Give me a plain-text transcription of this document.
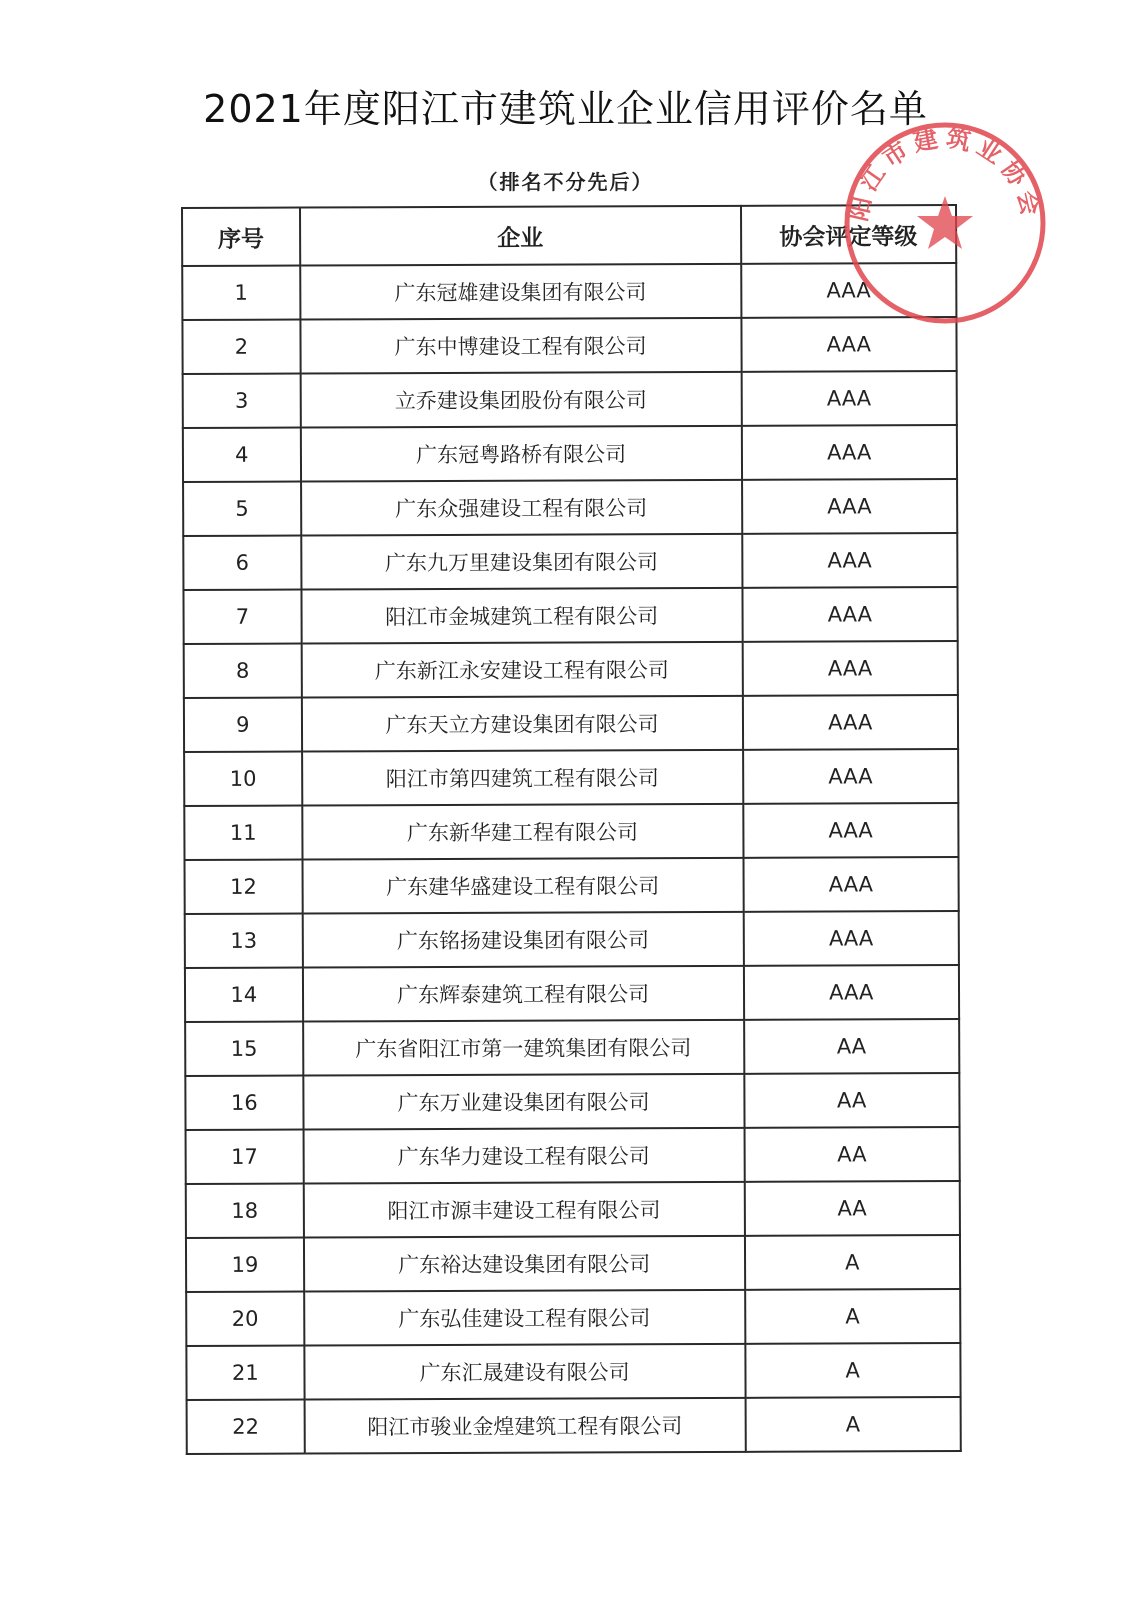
2021年度阳江市建筑业企业信用评价名单
（排名不分先后）
序号	企业	协会评定等级
1	广东冠雄建设集团有限公司	AAA
2	广东中博建设工程有限公司	AAA
3	立乔建设集团股份有限公司	AAA
4	广东冠粤路桥有限公司	AAA
5	广东众强建设工程有限公司	AAA
6	广东九万里建设集团有限公司	AAA
7	阳江市金城建筑工程有限公司	AAA
8	广东新江永安建设工程有限公司	AAA
9	广东天立方建设集团有限公司	AAA
10	阳江市第四建筑工程有限公司	AAA
11	广东新华建工程有限公司	AAA
12	广东建华盛建设工程有限公司	AAA
13	广东铭扬建设集团有限公司	AAA
14	广东辉泰建筑工程有限公司	AAA
15	广东省阳江市第一建筑集团有限公司	AA
16	广东万业建设集团有限公司	AA
17	广东华力建设工程有限公司	AA
18	阳江市源丰建设工程有限公司	AA
19	广东裕达建设集团有限公司	A
20	广东弘佳建设工程有限公司	A
21	广东汇晟建设有限公司	A
22	阳江市骏业金煌建筑工程有限公司	A
阳江市建筑业协会
